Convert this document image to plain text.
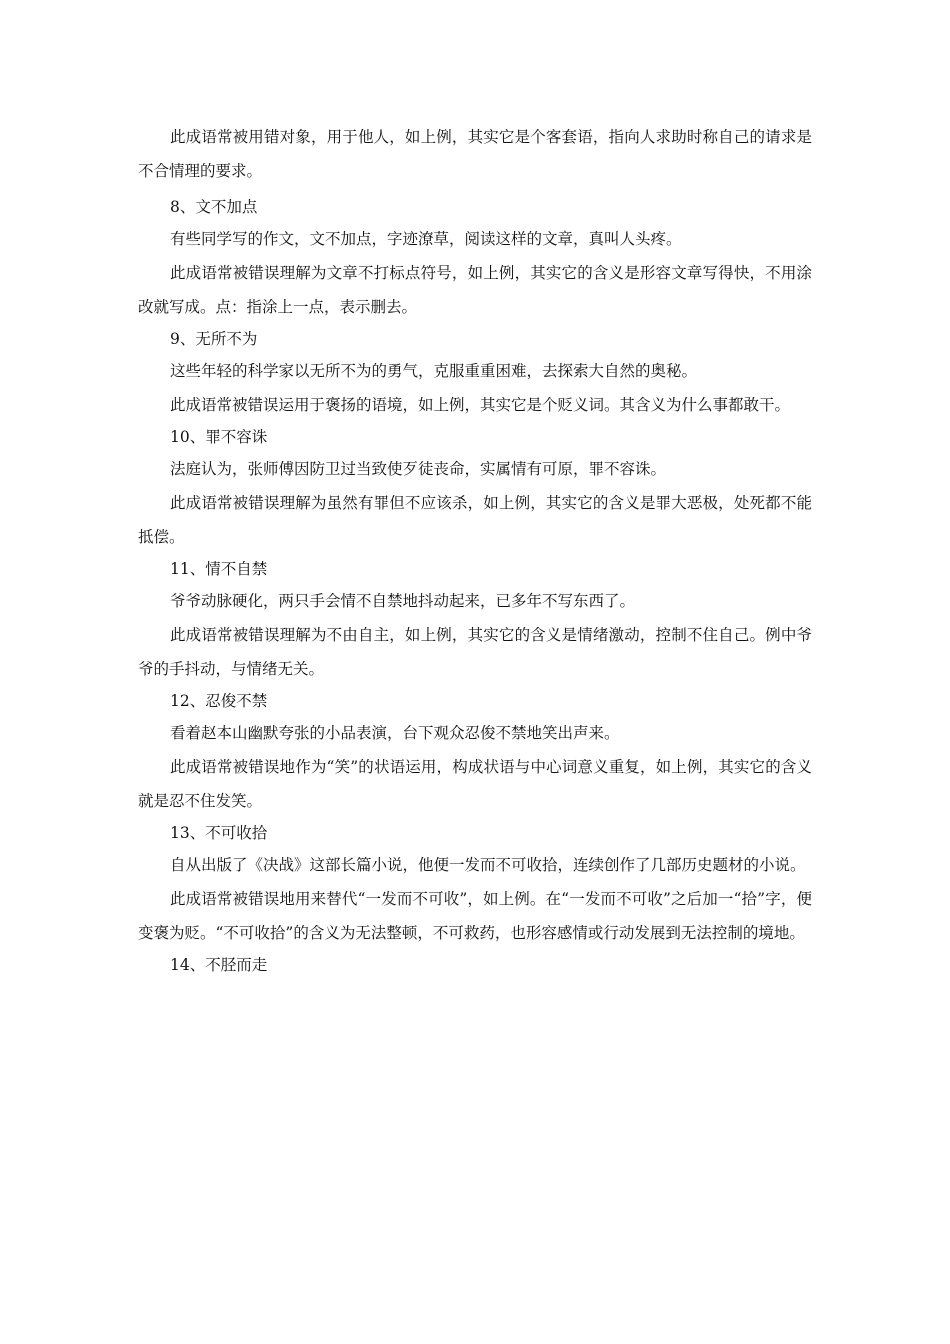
此成语常被用错对象，用于他人，如上例，其实它是个客套语，指向人求助时称自己的请求是不合情理的要求。

8、文不加点

有些同学写的作文，文不加点，字迹潦草，阅读这样的文章，真叫人头疼。

此成语常被错误理解为文章不打标点符号，如上例，其实它的含义是形容文章写得快，不用涂改就写成。点：指涂上一点，表示删去。

9、无所不为

这些年轻的科学家以无所不为的勇气，克服重重困难，去探索大自然的奥秘。

此成语常被错误运用于褒扬的语境，如上例，其实它是个贬义词。其含义为什么事都敢干。

10、罪不容诛

法庭认为，张师傅因防卫过当致使歹徒丧命，实属情有可原，罪不容诛。

此成语常被错误理解为虽然有罪但不应该杀，如上例，其实它的含义是罪大恶极，处死都不能抵偿。

11、情不自禁

爷爷动脉硬化，两只手会情不自禁地抖动起来，已多年不写东西了。

此成语常被错误理解为不由自主，如上例，其实它的含义是情绪激动，控制不住自己。例中爷爷的手抖动，与情绪无关。

12、忍俊不禁

看着赵本山幽默夸张的小品表演，台下观众忍俊不禁地笑出声来。

此成语常被错误地作为“笑”的状语运用，构成状语与中心词意义重复，如上例，其实它的含义就是忍不住发笑。

13、不可收拾

自从出版了《决战》这部长篇小说，他便一发而不可收拾，连续创作了几部历史题材的小说。

此成语常被错误地用来替代“一发而不可收”，如上例。在“一发而不可收”之后加一“拾”字，便变褒为贬。“不可收拾”的含义为无法整顿，不可救药，也形容感情或行动发展到无法控制的境地。

14、不胫而走
